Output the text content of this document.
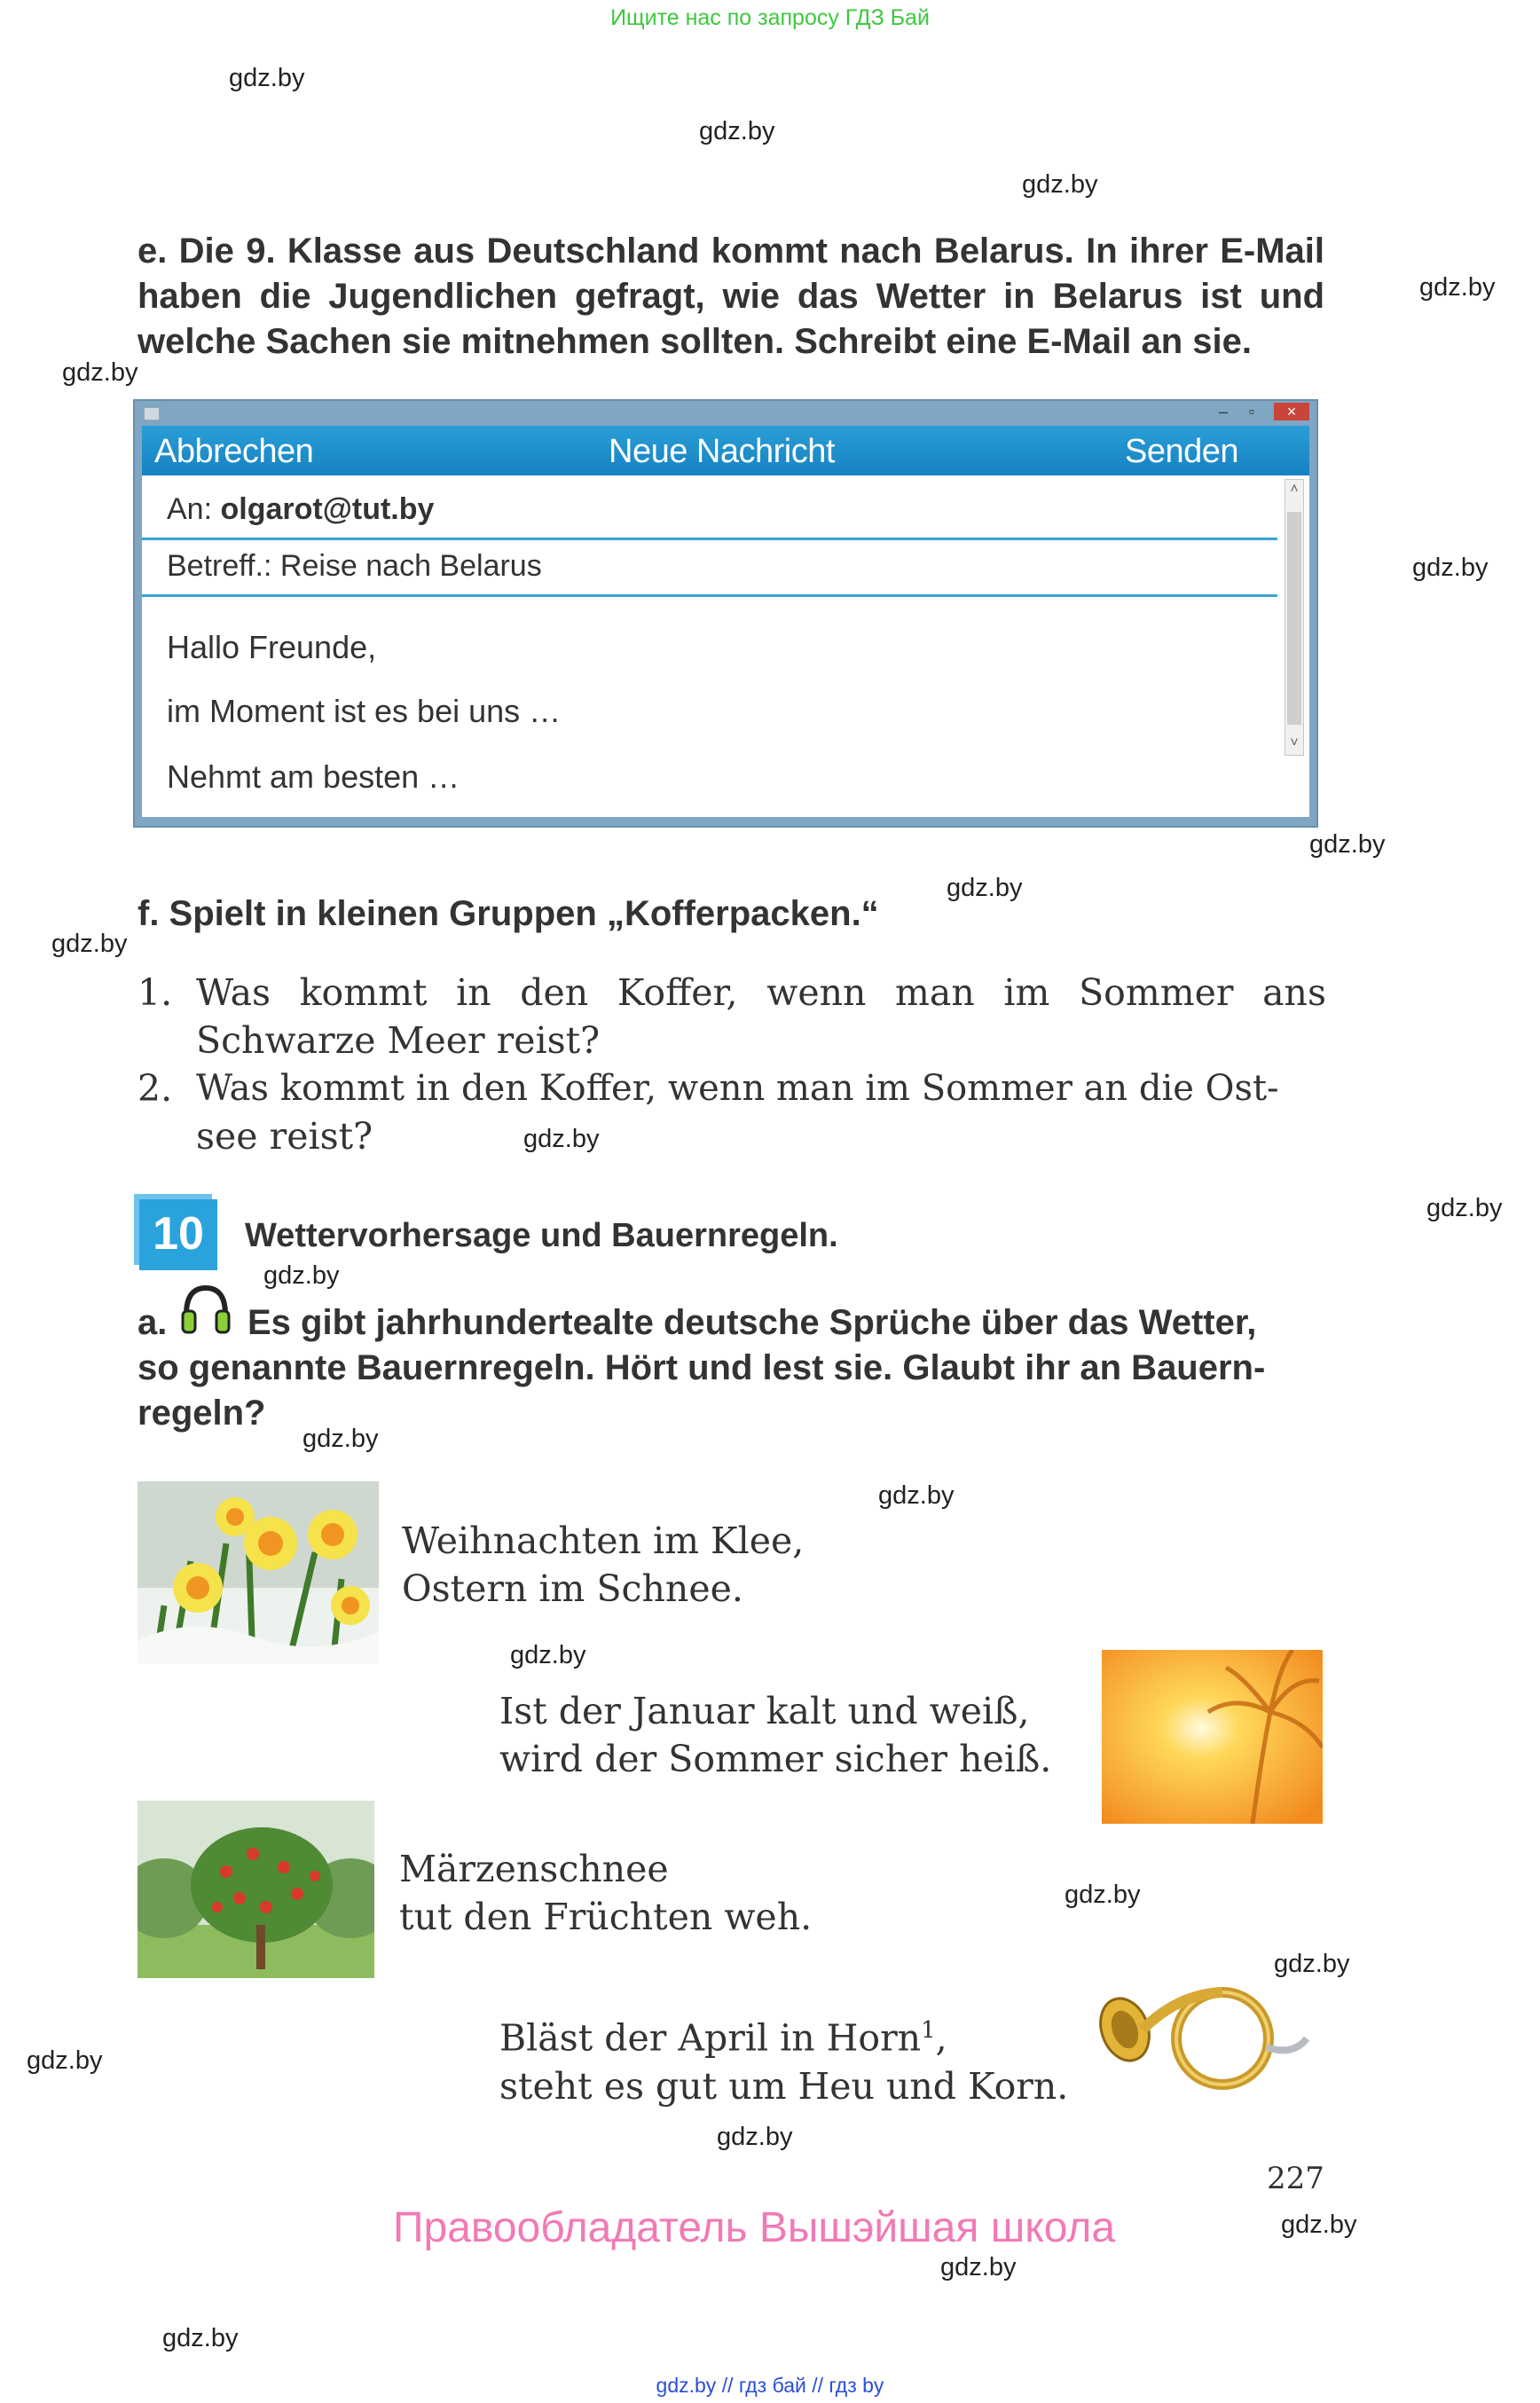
Ищите нас по запросу ГДЗ Бай
gdz.by
gdz.by
gdz.by
gdz.by
gdz.by
gdz.by
gdz.by
gdz.by
gdz.by
gdz.by
gdz.by
gdz.by
gdz.by
gdz.by
gdz.by
gdz.by
gdz.by
gdz.by
gdz.by
gdz.by
gdz.by
gdz.by
e. Die 9. Klasse aus Deutschland kommt nach Belarus. In ihrer E-Mail haben die Jugendlichen gefragt, wie das Wetter in Belarus ist und welche Sachen sie mitnehmen sollten. Schreibt eine E-Mail an sie.
–	▫	×
Abbrechen	Neue Nachricht	Senden
An: olgarot@tut.by
Betreff.: Reise nach Belarus
Hallo Freunde,
im Moment ist es bei uns …
Nehmt am besten …
˄
˅
f. Spielt in kleinen Gruppen „Kofferpacken.“
1. Was kommt in den Koffer, wenn man im Sommer ans
Schwarze Meer reist?
2. Was kommt in den Koffer, wenn man im Sommer an die Ost-
see reist?
10	Wettervorhersage und Bauernregeln.
a.	Es gibt jahrhundertealte deutsche Sprüche über das Wetter,
so genannte Bauernregeln. Hört und lest sie. Glaubt ihr an Bauern-
regeln?
Weihnachten im Klee,
Ostern im Schnee.
Ist der Januar kalt und weiß,
wird der Sommer sicher heiß.
Märzenschnee
tut den Früchten weh.
Bläst der April in Horn$^1$,
steht es gut um Heu und Korn.
227
Правообладатель Вышэйшая школа
gdz.by // гдз бай // гдз by
